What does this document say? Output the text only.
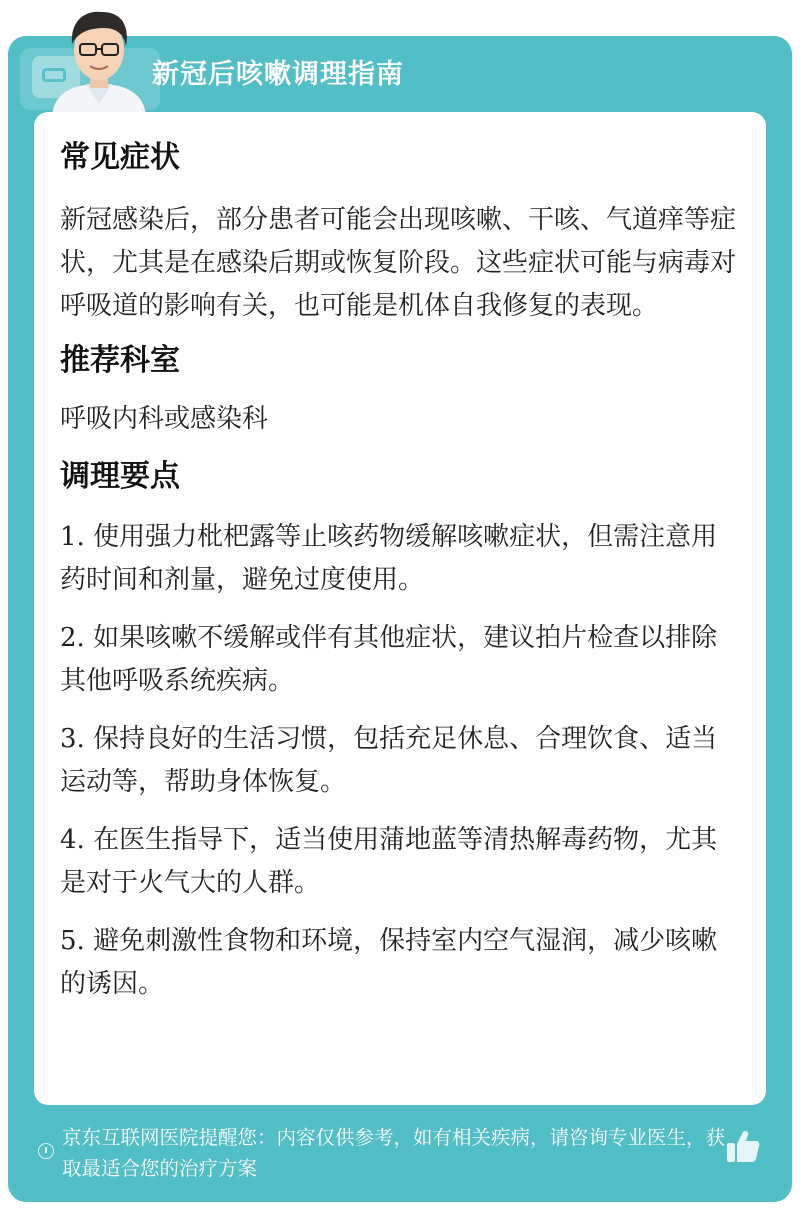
新冠后咳嗽调理指南
常见症状

新冠感染后，部分患者可能会出现咳嗽、干咳、气道痒等症状，尤其是在感染后期或恢复阶段。这些症状可能与病毒对呼吸道的影响有关，也可能是机体自我修复的表现。

推荐科室

呼吸内科或感染科

调理要点

1. 使用强力枇杷露等止咳药物缓解咳嗽症状，但需注意用药时间和剂量，避免过度使用。

2. 如果咳嗽不缓解或伴有其他症状，建议拍片检查以排除其他呼吸系统疾病。

3. 保持良好的生活习惯，包括充足休息、合理饮食、适当运动等，帮助身体恢复。

4. 在医生指导下，适当使用蒲地蓝等清热解毒药物，尤其是对于火气大的人群。

5. 避免刺激性食物和环境，保持室内空气湿润，减少咳嗽的诱因。

京东互联网医院提醒您：内容仅供参考，如有相关疾病，请咨询专业医生，获取最适合您的治疗方案
